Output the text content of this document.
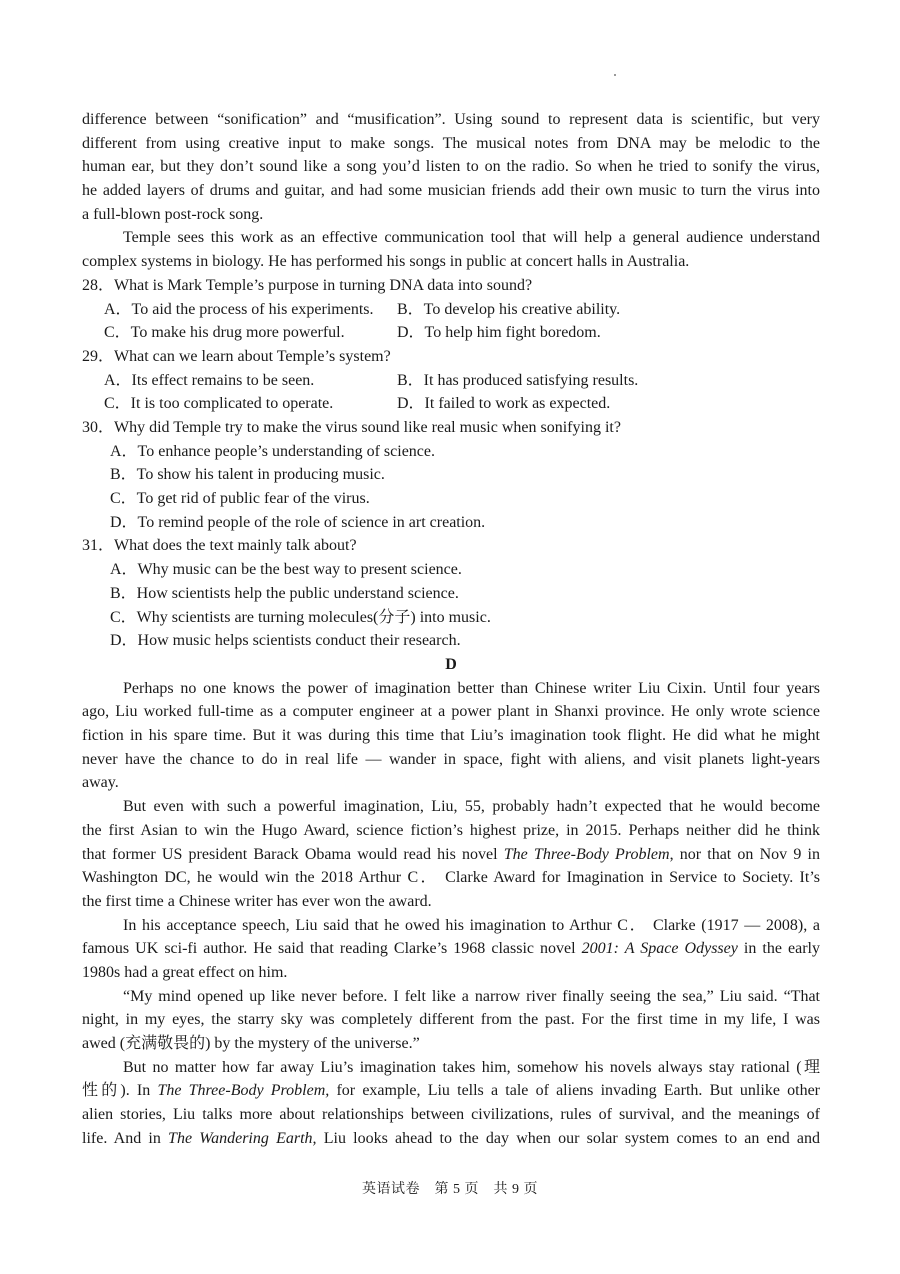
difference between “sonification” and “musification”. Using sound to represent data is scientific, but very
different from using creative input to make songs. The musical notes from DNA may be melodic to the
human ear, but they don’t sound like a song you’d listen to on the radio. So when he tried to sonify the virus,
he added layers of drums and guitar, and had some musician friends add their own music to turn the virus into
a full-blown post-rock song.
Temple sees this work as an effective communication tool that will help a general audience understand
complex systems in biology. He has performed his songs in public at concert halls in Australia.
28．What is Mark Temple’s purpose in turning DNA data into sound?
A．To aid the process of his experiments. B．To develop his creative ability.
C．To make his drug more powerful.	D．To help him fight boredom.
29．What can we learn about Temple’s system?
A．Its effect remains to be seen.	B．It has produced satisfying results.
C．It is too complicated to operate.	D．It failed to work as expected.
30．Why did Temple try to make the virus sound like real music when sonifying it?
A．To enhance people’s understanding of science.
B．To show his talent in producing music.
C．To get rid of public fear of the virus.
D．To remind people of the role of science in art creation.
31．What does the text mainly talk about?
A．Why music can be the best way to present science.
B．How scientists help the public understand science.
C．Why scientists are turning molecules(分子) into music.
D．How music helps scientists conduct their research.
D
Perhaps no one knows the power of imagination better than Chinese writer Liu Cixin. Until four years
ago, Liu worked full-time as a computer engineer at a power plant in Shanxi province. He only wrote science
fiction in his spare time. But it was during this time that Liu’s imagination took flight. He did what he might
never have the chance to do in real life — wander in space, fight with aliens, and visit planets light-years
away.
But even with such a powerful imagination, Liu, 55, probably hadn’t expected that he would become
the first Asian to win the Hugo Award, science fiction’s highest prize, in 2015. Perhaps neither did he think
that former US president Barack Obama would read his novel The Three-Body Problem, nor that on Nov 9 in
Washington DC, he would win the 2018 Arthur C． Clarke Award for Imagination in Service to Society. It’s
the first time a Chinese writer has ever won the award.
In his acceptance speech, Liu said that he owed his imagination to Arthur C． Clarke (1917 — 2008), a
famous UK sci-fi author. He said that reading Clarke’s 1968 classic novel 2001: A Space Odyssey in the early
1980s had a great effect on him.
“My mind opened up like never before. I felt like a narrow river finally seeing the sea,” Liu said. “That
night, in my eyes, the starry sky was completely different from the past. For the first time in my life, I was
awed (充满敬畏的) by the mystery of the universe.”
But no matter how far away Liu’s imagination takes him, somehow his novels always stay rational (理
性的). In The Three-Body Problem, for example, Liu tells a tale of aliens invading Earth. But unlike other
alien stories, Liu talks more about relationships between civilizations, rules of survival, and the meanings of
life. And in The Wandering Earth, Liu looks ahead to the day when our solar system comes to an end and
英语试卷　第 5 页　共 9 页
